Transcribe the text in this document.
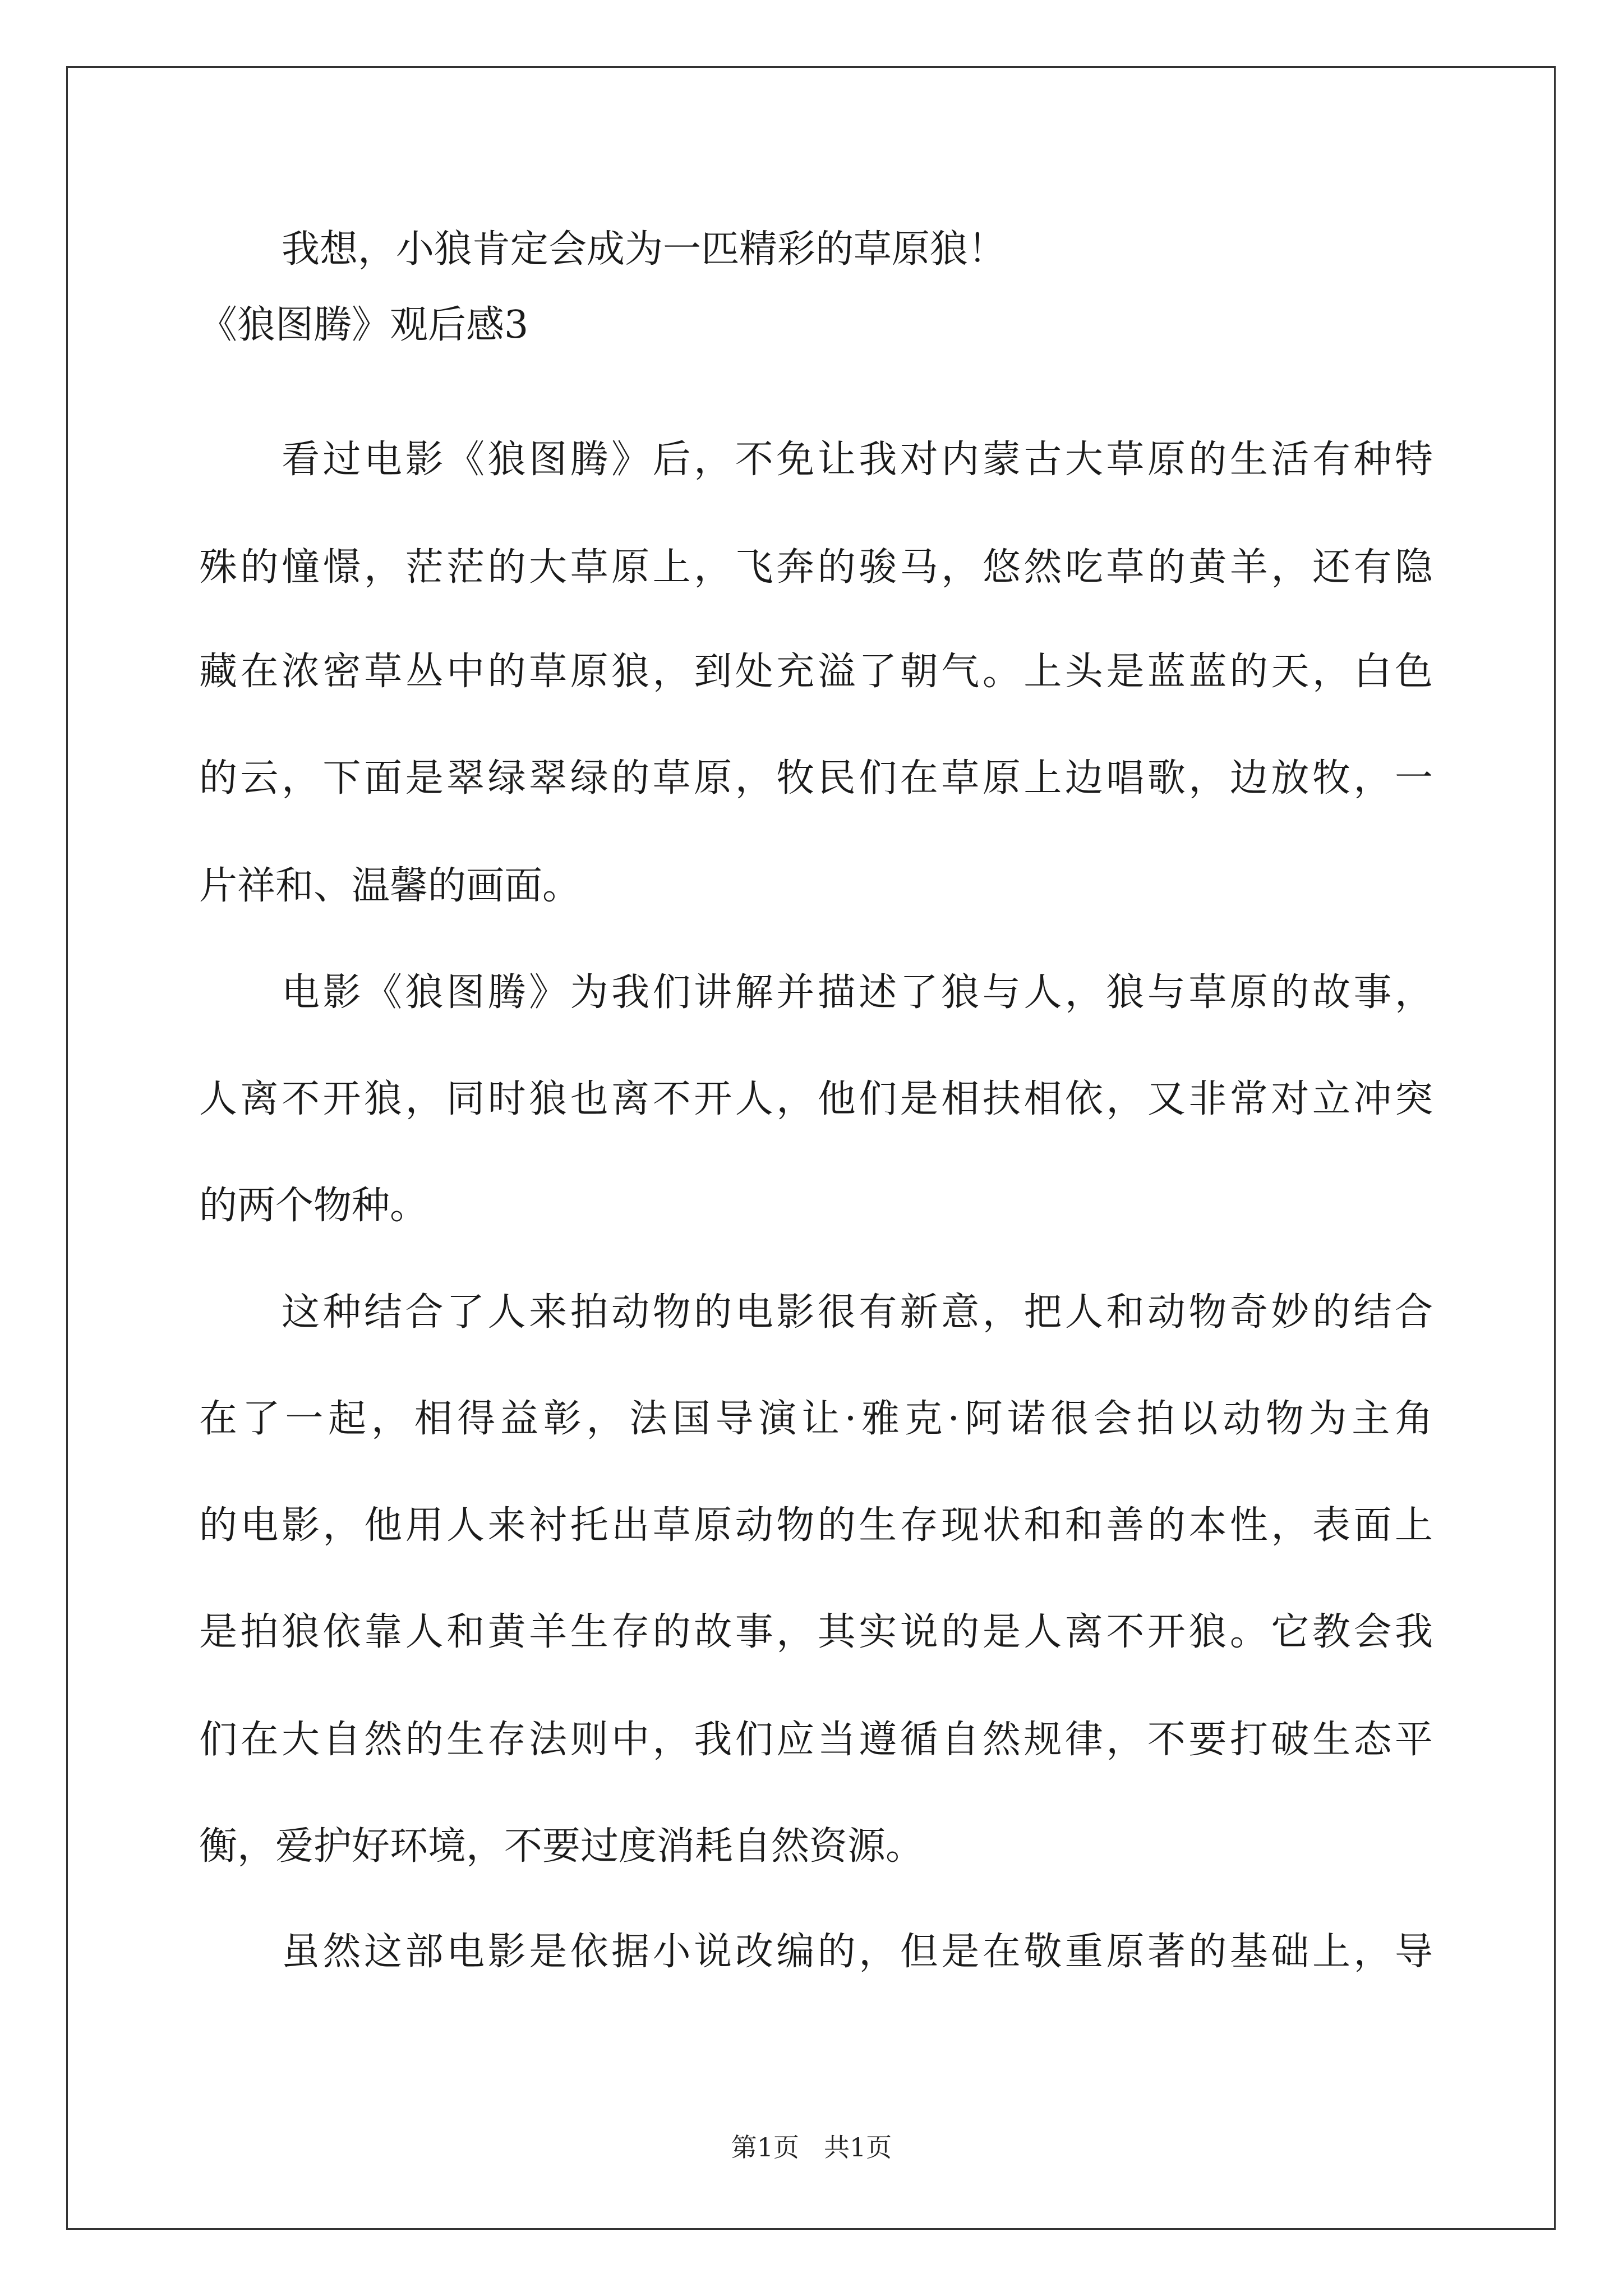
我想，小狼肯定会成为一匹精彩的草原狼！
《狼图腾》观后感3
看过电影《狼图腾》后，不免让我对内蒙古大草原的生活有种特
殊的憧憬，茫茫的大草原上，飞奔的骏马，悠然吃草的黄羊，还有隐
藏在浓密草丛中的草原狼，到处充溢了朝气。上头是蓝蓝的天，白色
的云，下面是翠绿翠绿的草原，牧民们在草原上边唱歌，边放牧，一
片祥和、温馨的画面。
电影《狼图腾》为我们讲解并描述了狼与人，狼与草原的故事，
人离不开狼，同时狼也离不开人，他们是相扶相依，又非常对立冲突
的两个物种。
这种结合了人来拍动物的电影很有新意，把人和动物奇妙的结合
在了一起，相得益彰，法国导演让·雅克·阿诺很会拍以动物为主角
的电影，他用人来衬托出草原动物的生存现状和和善的本性，表面上
是拍狼依靠人和黄羊生存的故事，其实说的是人离不开狼。它教会我
们在大自然的生存法则中，我们应当遵循自然规律，不要打破生态平
衡，爱护好环境，不要过度消耗自然资源。
虽然这部电影是依据小说改编的，但是在敬重原著的基础上，导
第1页 共1页
